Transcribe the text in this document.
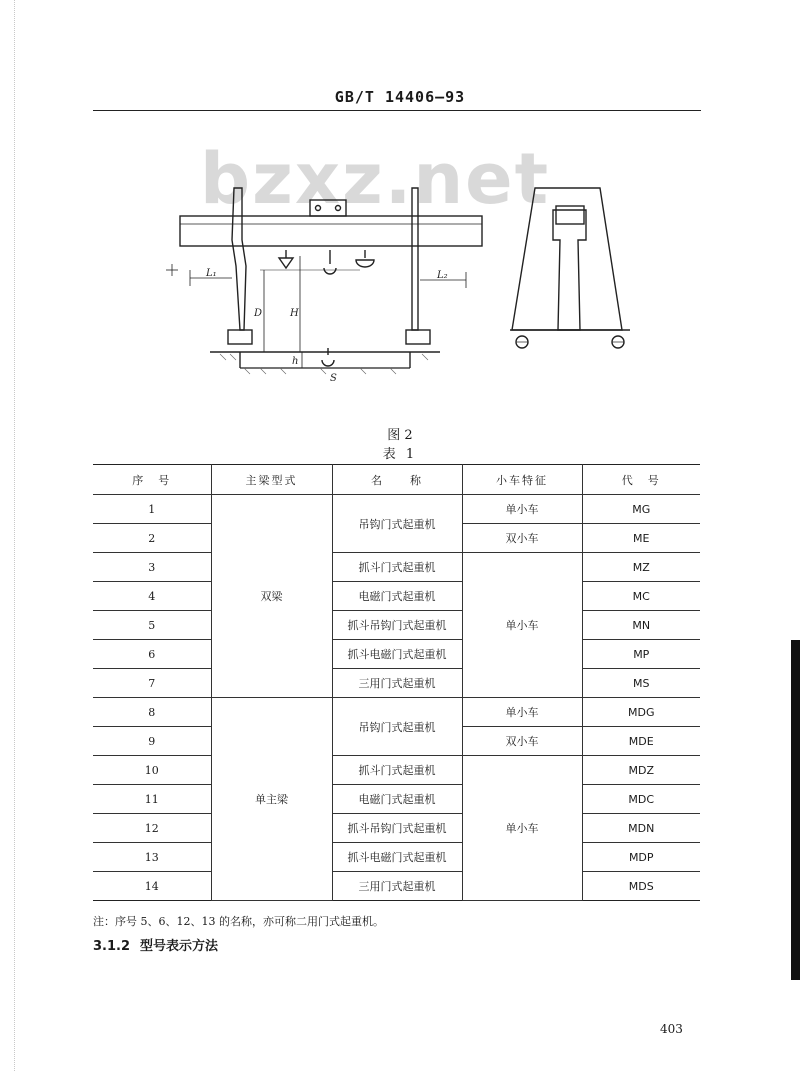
GB/T 14406—93
bzxz.net
L₁	L₂
D	H
h
S
图 2
表 1
序　号	主梁型式	名　　称	小车特征	代　号
1	双梁	吊钩门式起重机	单小车	MG
2			双小车	ME
3		抓斗门式起重机	单小车	MZ
4		电磁门式起重机		MC
5		抓斗吊钩门式起重机		MN
6		抓斗电磁门式起重机		MP
7		三用门式起重机		MS
8	单主梁	吊钩门式起重机	单小车	MDG
9			双小车	MDE
10		抓斗门式起重机	单小车	MDZ
11		电磁门式起重机		MDC
12		抓斗吊钩门式起重机		MDN
13		抓斗电磁门式起重机		MDP
14		三用门式起重机		MDS
注：序号 5、6、12、13 的名称，亦可称二用门式起重机。
3.1.2 型号表示方法
403
